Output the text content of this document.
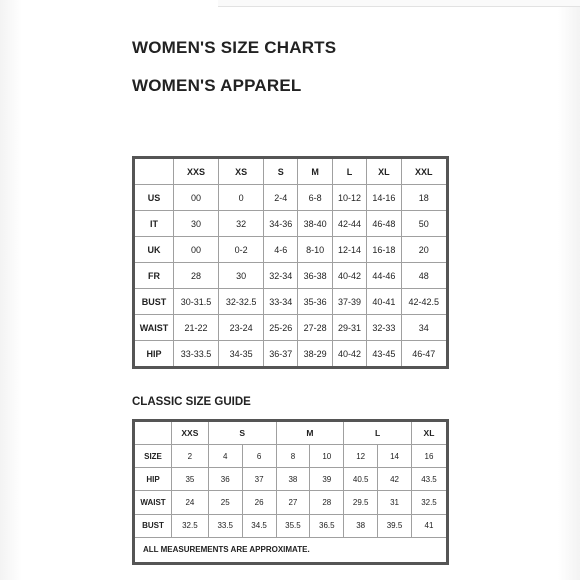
WOMEN'S SIZE CHARTS
WOMEN'S APPAREL
	XXS	XS	S	M	L	XL	XXL
US	00	0	2-4	6-8	10-12	14-16	18
IT	30	32	34-36	38-40	42-44	46-48	50
UK	00	0-2	4-6	8-10	12-14	16-18	20
FR	28	30	32-34	36-38	40-42	44-46	48
BUST	30-31.5	32-32.5	33-34	35-36	37-39	40-41	42-42.5
WAIST	21-22	23-24	25-26	27-28	29-31	32-33	34
HIP	33-33.5	34-35	36-37	38-29	40-42	43-45	46-47
CLASSIC SIZE GUIDE
	XXS	S		M		L		XL
SIZE	2	4	6	8	10	12	14	16
HIP	35	36	37	38	39	40.5	42	43.5
WAIST	24	25	26	27	28	29.5	31	32.5
BUST	32.5	33.5	34.5	35.5	36.5	38	39.5	41
ALL MEASUREMENTS ARE APPROXIMATE.								
